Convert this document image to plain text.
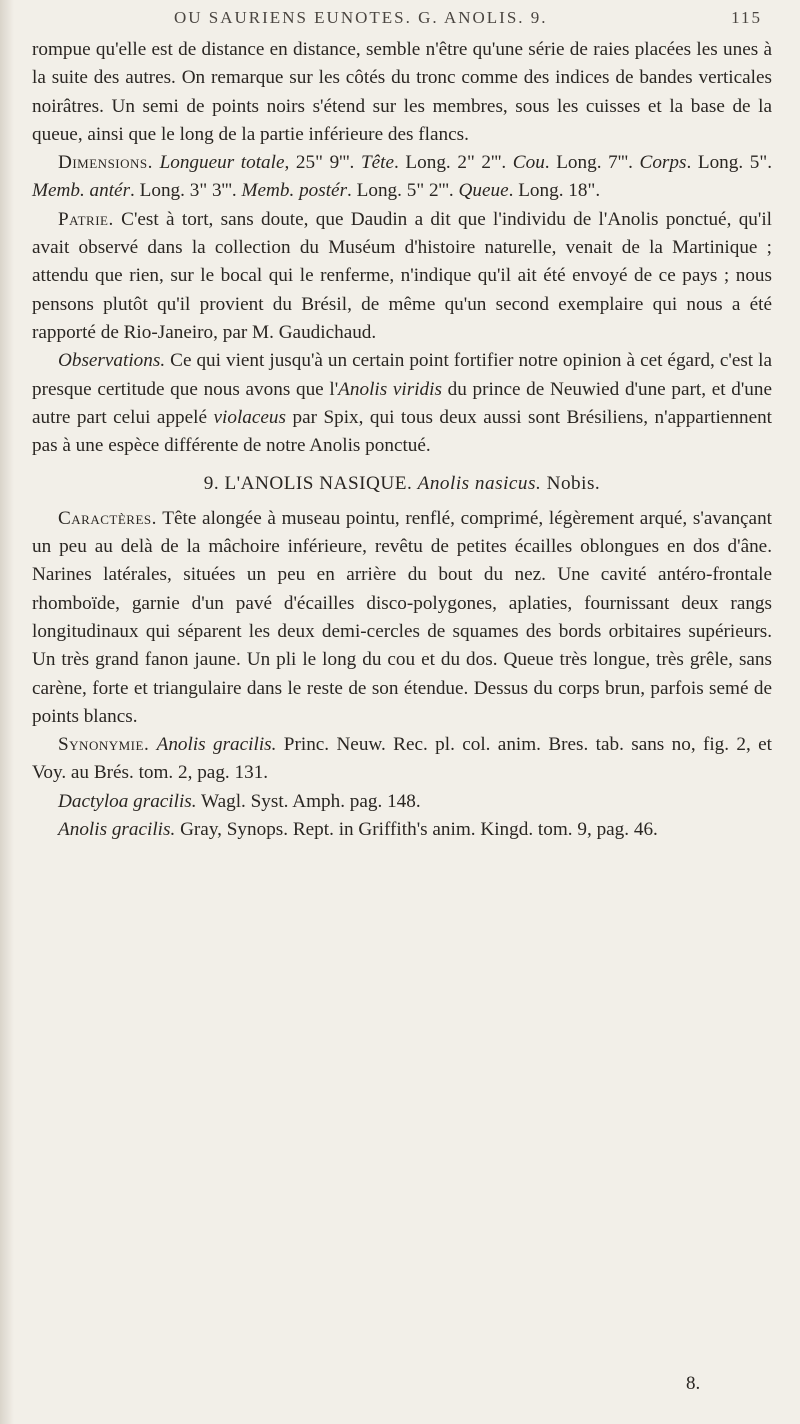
OU SAURIENS EUNOTES. G. ANOLIS. 9.	115

rompue qu'elle est de distance en distance, semble n'être qu'une série de raies placées les unes à la suite des autres. On remarque sur les côtés du tronc comme des indices de bandes verticales noirâtres. Un semi de points noirs s'étend sur les membres, sous les cuisses et la base de la queue, ainsi que le long de la partie inférieure des flancs.

Dimensions. Longueur totale, 25" 9'''. Tête. Long. 2" 2'''. Cou. Long. 7'''. Corps. Long. 5". Memb. antér. Long. 3" 3'''. Memb. postér. Long. 5" 2'''. Queue. Long. 18".

Patrie. C'est à tort, sans doute, que Daudin a dit que l'individu de l'Anolis ponctué, qu'il avait observé dans la collection du Muséum d'histoire naturelle, venait de la Martinique ; attendu que rien, sur le bocal qui le renferme, n'indique qu'il ait été envoyé de ce pays ; nous pensons plutôt qu'il provient du Brésil, de même qu'un second exemplaire qui nous a été rapporté de Rio-Janeiro, par M. Gaudichaud.

Observations. Ce qui vient jusqu'à un certain point fortifier notre opinion à cet égard, c'est la presque certitude que nous avons que l'Anolis viridis du prince de Neuwied d'une part, et d'une autre part celui appelé violaceus par Spix, qui tous deux aussi sont Brésiliens, n'appartiennent pas à une espèce différente de notre Anolis ponctué.

9. L'ANOLIS NASIQUE. Anolis nasicus. Nobis.

Caractères. Tête alongée à museau pointu, renflé, comprimé, légèrement arqué, s'avançant un peu au delà de la mâchoire inférieure, revêtu de petites écailles oblongues en dos d'âne. Narines latérales, situées un peu en arrière du bout du nez. Une cavité antéro-frontale rhomboïde, garnie d'un pavé d'écailles disco-polygones, aplaties, fournissant deux rangs longitudinaux qui séparent les deux demi-cercles de squames des bords orbitaires supérieurs. Un très grand fanon jaune. Un pli le long du cou et du dos. Queue très longue, très grêle, sans carène, forte et triangulaire dans le reste de son étendue. Dessus du corps brun, parfois semé de points blancs.

Synonymie. Anolis gracilis. Princ. Neuw. Rec. pl. col. anim. Bres. tab. sans no, fig. 2, et Voy. au Brés. tom. 2, pag. 131.

Dactyloa gracilis. Wagl. Syst. Amph. pag. 148.

Anolis gracilis. Gray, Synops. Rept. in Griffith's anim. Kingd. tom. 9, pag. 46.

8.
